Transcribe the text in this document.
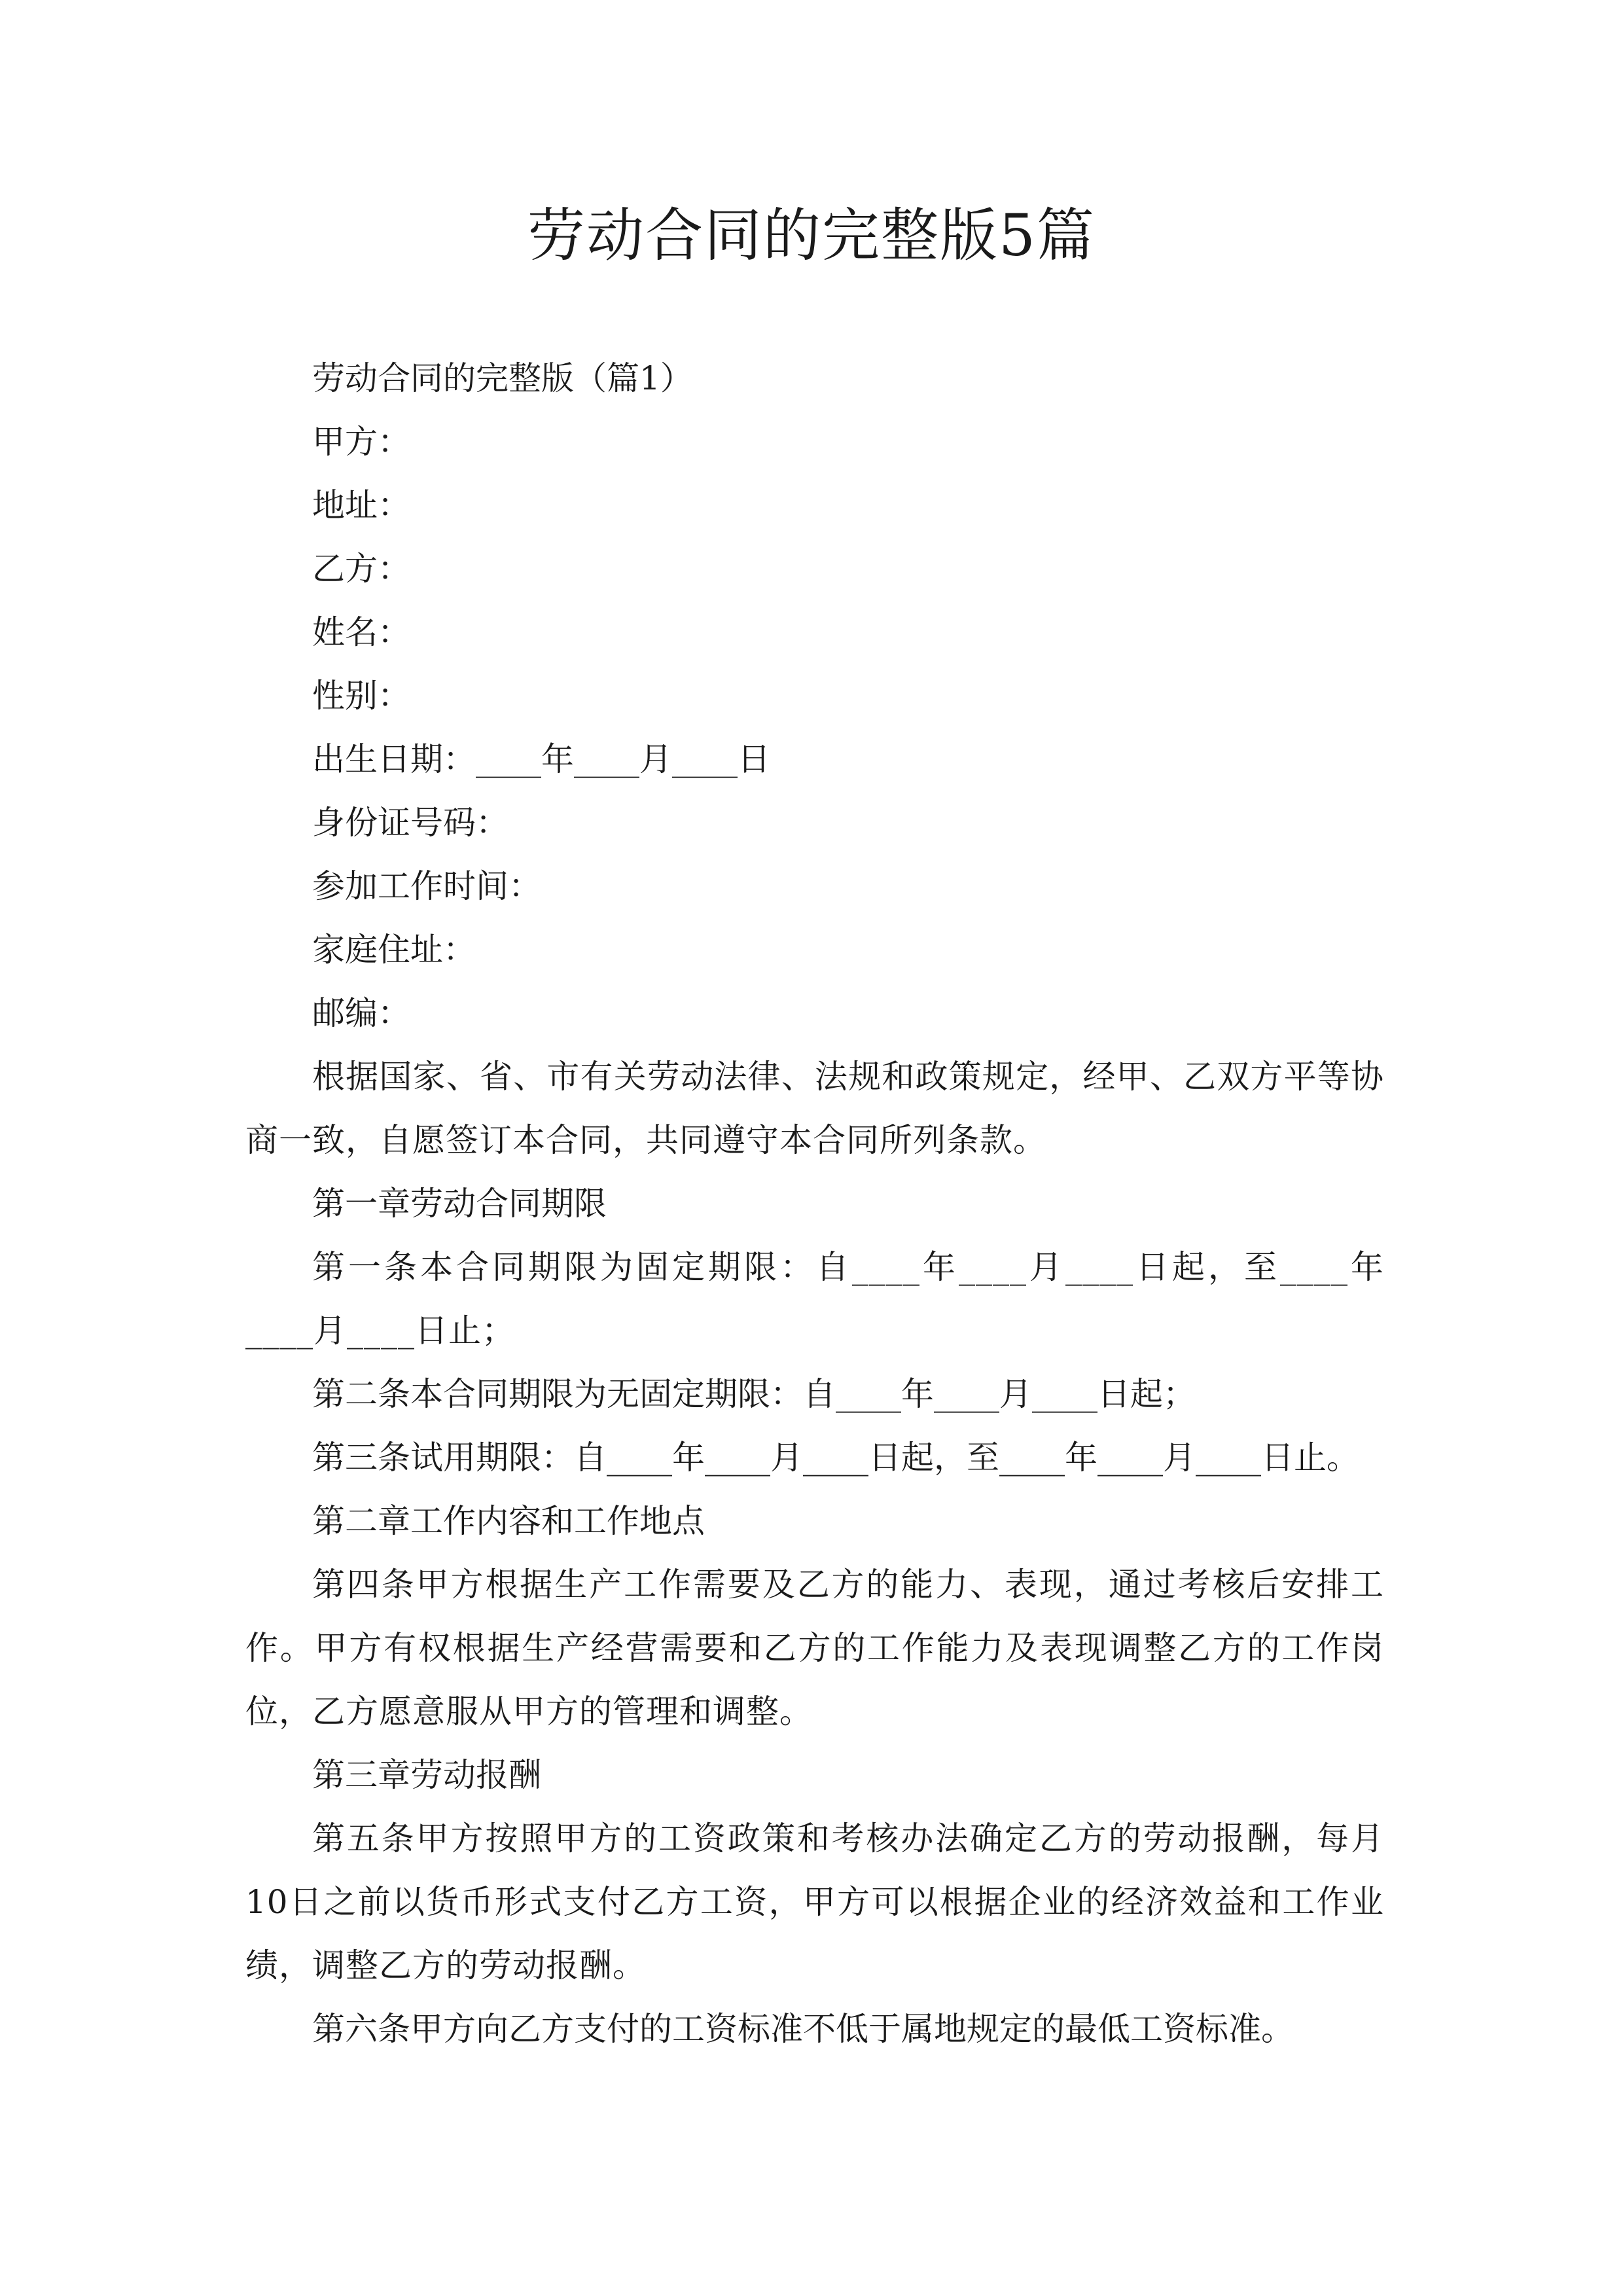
劳动合同的完整版5篇

劳动合同的完整版（篇1）

甲方：

地址：

乙方：

姓名：

性别：

出生日期：____年____月____日

身份证号码：

参加工作时间：

家庭住址：

邮编：

根据国家、省、市有关劳动法律、法规和政策规定，经甲、乙双方平等协商一致，自愿签订本合同，共同遵守本合同所列条款。

第一章劳动合同期限

第一条本合同期限为固定期限：自____年____月____日起，至____年____月____日止；

第二条本合同期限为无固定期限：自____年____月____日起；

第三条试用期限：自____年____月____日起，至____年____月____日止。

第二章工作内容和工作地点

第四条甲方根据生产工作需要及乙方的能力、表现，通过考核后安排工作。甲方有权根据生产经营需要和乙方的工作能力及表现调整乙方的工作岗位，乙方愿意服从甲方的管理和调整。

第三章劳动报酬

第五条甲方按照甲方的工资政策和考核办法确定乙方的劳动报酬，每月10日之前以货币形式支付乙方工资，甲方可以根据企业的经济效益和工作业绩，调整乙方的劳动报酬。

第六条甲方向乙方支付的工资标准不低于属地规定的最低工资标准。
